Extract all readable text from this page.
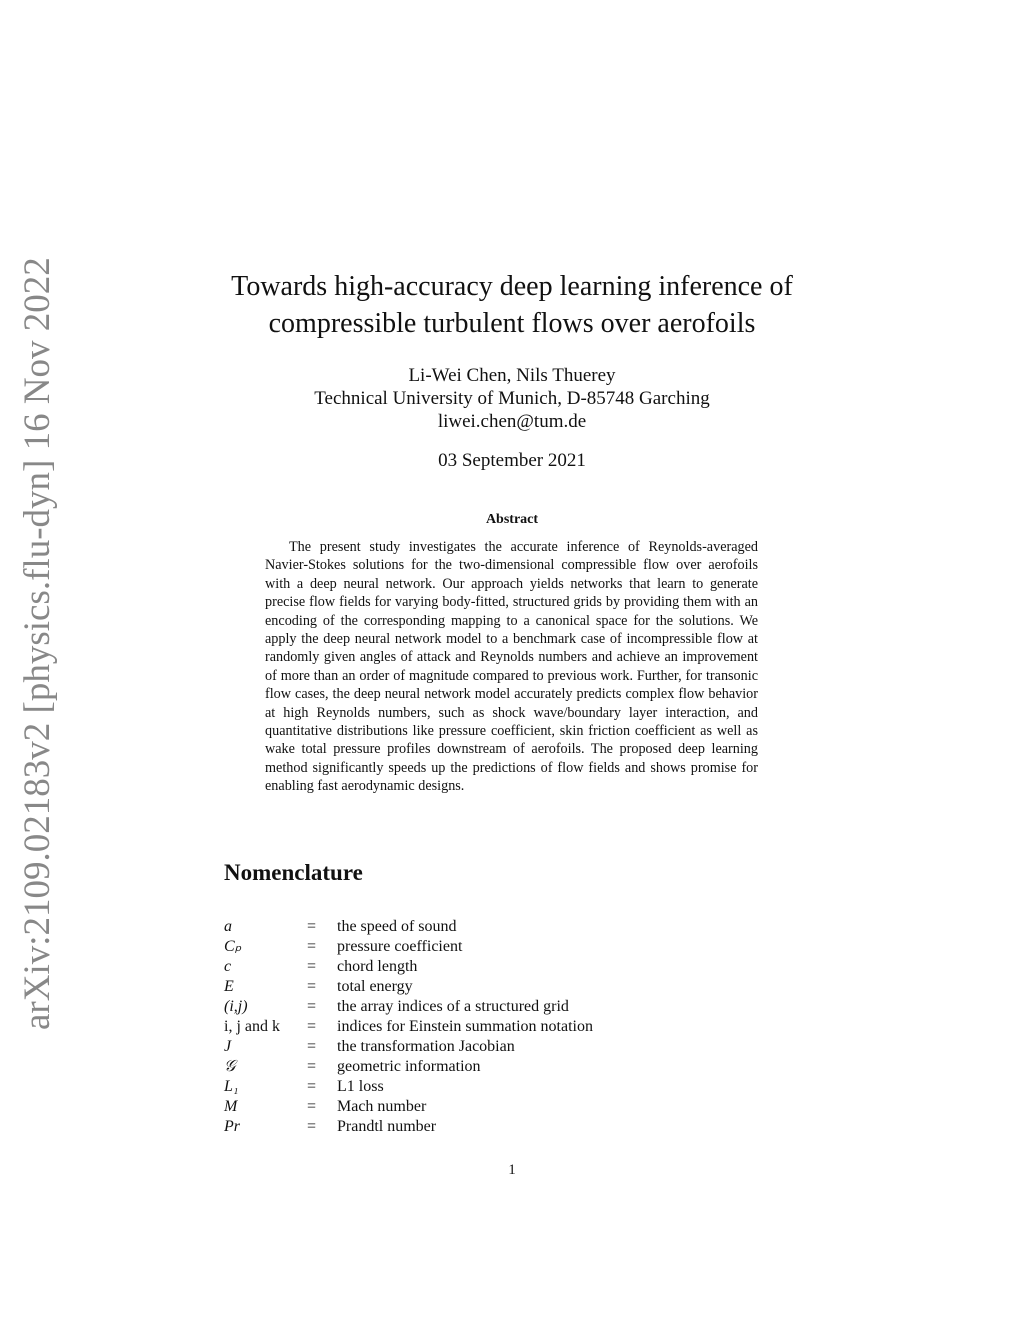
arXiv:2109.02183v2 [physics.flu-dyn] 16 Nov 2022	Towards high-accuracy deep learning inference of
compressible turbulent flows over aerofoils
Li-Wei Chen, Nils Thuerey
Technical University of Munich, D-85748 Garching
liwei.chen@tum.de
03 September 2021
Abstract
The present study investigates the accurate inference of Reynolds-averaged Navier-Stokes solutions for the two-dimensional compressible flow over aerofoils with a deep neural network. Our approach yields networks that learn to generate precise flow fields for varying body-fitted, structured grids by providing them with an encoding of the corresponding mapping to a canonical space for the solutions. We apply the deep neural network model to a benchmark case of incompressible flow at randomly given angles of attack and Reynolds numbers and achieve an improvement of more than an order of magnitude compared to previous work. Further, for transonic flow cases, the deep neural network model accurately predicts complex flow behavior at high Reynolds numbers, such as shock wave/boundary layer interaction, and quantitative distributions like pressure coefficient, skin friction coefficient as well as wake total pressure profiles downstream of aerofoils. The proposed deep learning method significantly speeds up the predictions of flow fields and shows promise for enabling fast aerodynamic designs.
Nomenclature
a	=	the speed of sound
Cₚ	=	pressure coefficient
c	=	chord length
E	=	total energy
(i,j)	=	the array indices of a structured grid
i, j and k	=	indices for Einstein summation notation
J	=	the transformation Jacobian
𝒢	=	geometric information
L₁	=	L1 loss
M	=	Mach number
Pr	=	Prandtl number
1
